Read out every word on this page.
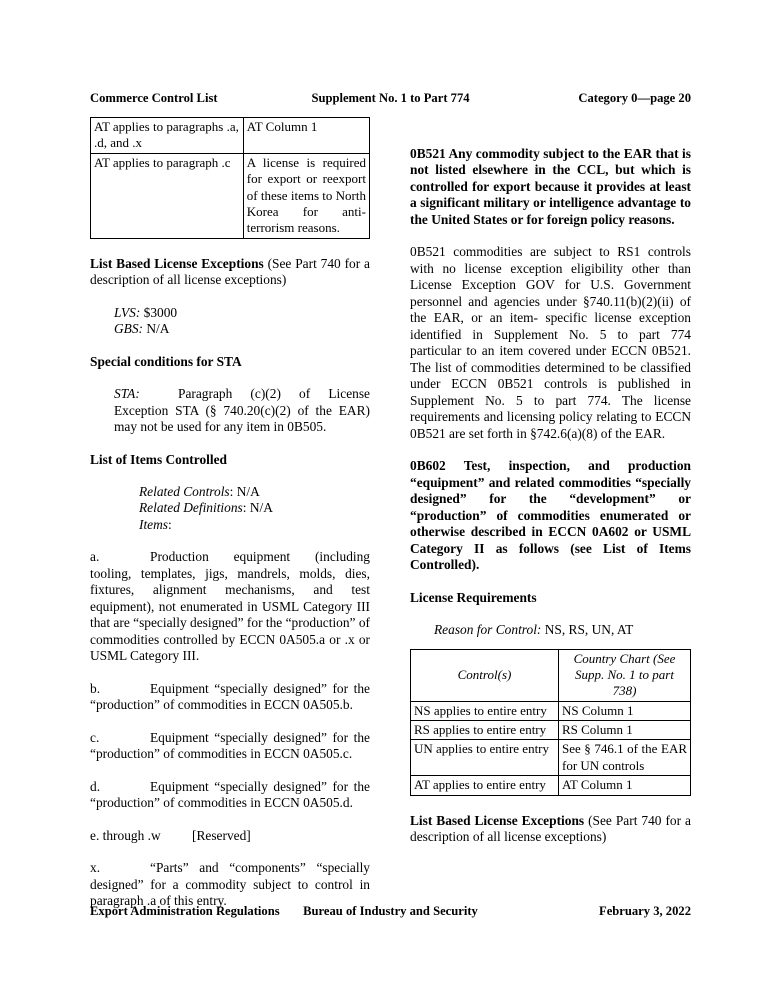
Commerce Control List	Supplement No. 1 to Part 774	Category 0—page 20
AT applies to paragraphs .a, .d, and .x	AT Column 1
AT applies to paragraph .c	A license is required for export or reexport of these items to North Korea for anti-terrorism reasons.

List Based License Exceptions (See Part 740 for a description of all license exceptions)

LVS: $3000

GBS: N/A

Special conditions for STA

STA:	Paragraph (c)(2) of License Exception STA (§ 740.20(c)(2) of the EAR) may not be used for any item in 0B505.

List of Items Controlled

Related Controls: N/A

Related Definitions: N/A

Items:

a.	Production equipment (including tooling, templates, jigs, mandrels, molds, dies, fixtures, alignment mechanisms, and test equipment), not enumerated in USML Category III that are “specially designed” for the “production” of commodities controlled by ECCN 0A505.a or .x or USML Category III.

b.	Equipment “specially designed” for the “production” of commodities in ECCN 0A505.b.

c.	Equipment “specially designed” for the “production” of commodities in ECCN 0A505.c.

d.	Equipment “specially designed” for the “production” of commodities in ECCN 0A505.d.

e. through .w [Reserved]

x.	“Parts” and “components” “specially designed” for a commodity subject to control in paragraph .a of this entry.

0B521 Any commodity subject to the EAR that is not listed elsewhere in the CCL, but which is controlled for export because it provides at least a significant military or intelligence advantage to the United States or for foreign policy reasons.

0B521 commodities are subject to RS1 controls with no license exception eligibility other than License Exception GOV for U.S. Government personnel and agencies under §740.11(b)(2)(ii) of the EAR, or an item- specific license exception identified in Supplement No. 5 to part 774 particular to an item covered under ECCN 0B521. The list of commodities determined to be classified under ECCN 0B521 controls is published in Supplement No. 5 to part 774. The license requirements and licensing policy relating to ECCN 0B521 are set forth in §742.6(a)(8) of the EAR.

0B602 Test, inspection, and production “equipment” and related commodities “specially designed” for the “development” or “production” of commodities enumerated or otherwise described in ECCN 0A602 or USML Category II as follows (see List of Items Controlled).

License Requirements

Reason for Control: NS, RS, UN, AT

Control(s)	Country Chart (See Supp. No. 1 to part 738)
NS applies to entire entry	NS Column 1
RS applies to entire entry	RS Column 1
UN applies to entire entry	See § 746.1 of the EAR for UN controls
AT applies to entire entry	AT Column 1

List Based License Exceptions (See Part 740 for a description of all license exceptions)

Export Administration Regulations	Bureau of Industry and Security	February 3, 2022
